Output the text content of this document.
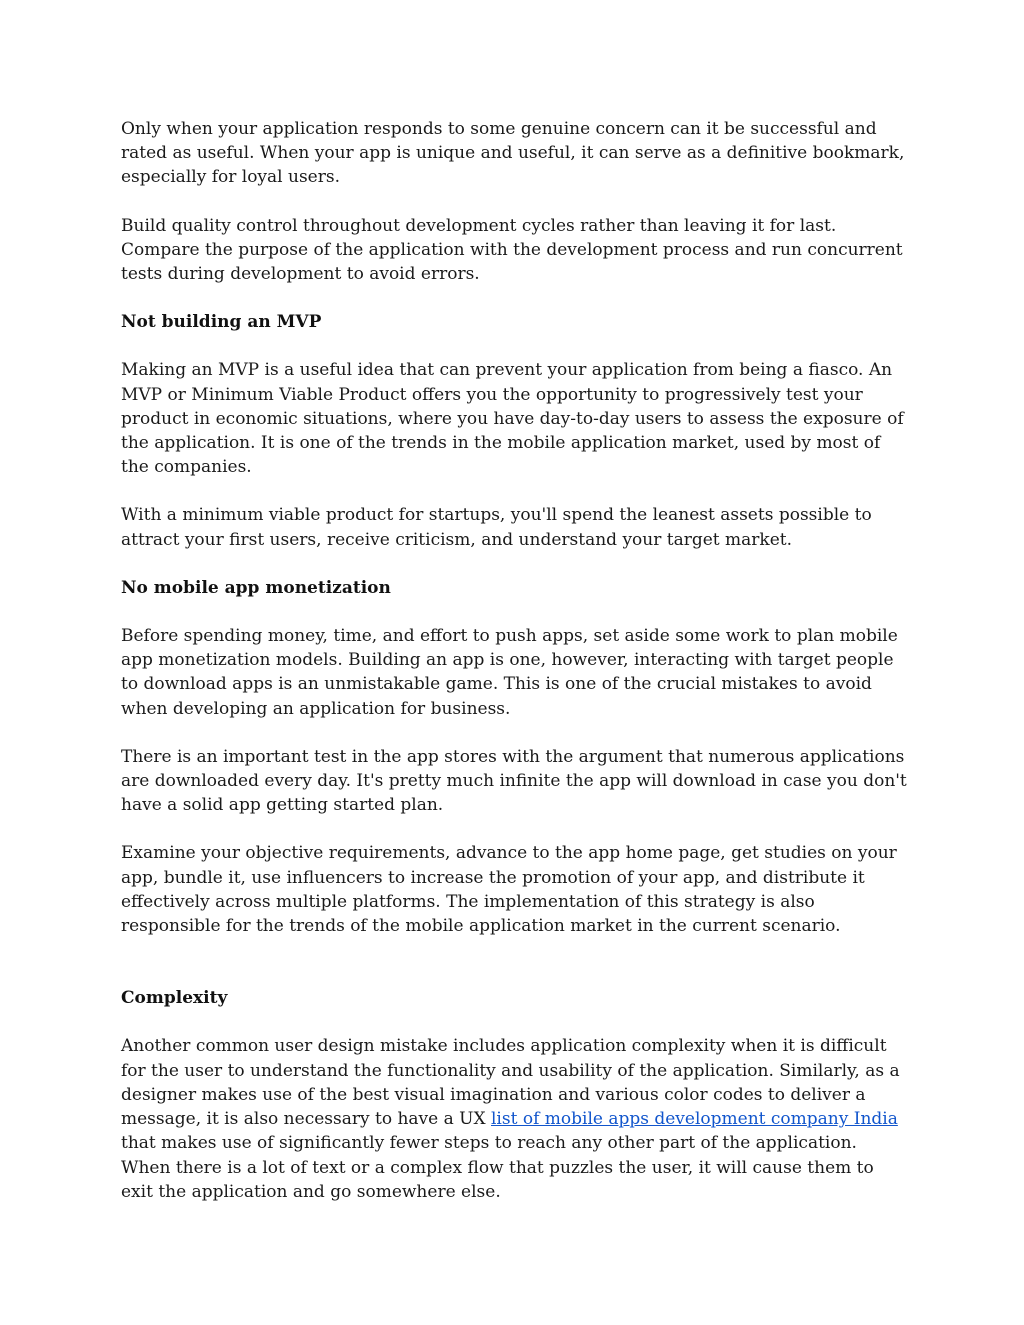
Only when your application responds to some genuine concern can it be successful and rated as useful. When your app is unique and useful, it can serve as a definitive bookmark, especially for loyal users.

Build quality control throughout development cycles rather than leaving it for last. Compare the purpose of the application with the development process and run concurrent tests during development to avoid errors.

Not building an MVP

Making an MVP is a useful idea that can prevent your application from being a fiasco. An MVP or Minimum Viable Product offers you the opportunity to progressively test your product in economic situations, where you have day-to-day users to assess the exposure of the application. It is one of the trends in the mobile application market, used by most of the companies.

With a minimum viable product for startups, you'll spend the leanest assets possible to attract your first users, receive criticism, and understand your target market.

No mobile app monetization

Before spending money, time, and effort to push apps, set aside some work to plan mobile app monetization models. Building an app is one, however, interacting with target people to download apps is an unmistakable game. This is one of the crucial mistakes to avoid when developing an application for business.

There is an important test in the app stores with the argument that numerous applications are downloaded every day. It's pretty much infinite the app will download in case you don't have a solid app getting started plan.

Examine your objective requirements, advance to the app home page, get studies on your app, bundle it, use influencers to increase the promotion of your app, and distribute it effectively across multiple platforms. The implementation of this strategy is also responsible for the trends of the mobile application market in the current scenario.

Complexity

Another common user design mistake includes application complexity when it is difficult for the user to understand the functionality and usability of the application. Similarly, as a designer makes use of the best visual imagination and various color codes to deliver a message, it is also necessary to have a UX list of mobile apps development company India that makes use of significantly fewer steps to reach any other part of the application. When there is a lot of text or a complex flow that puzzles the user, it will cause them to exit the application and go somewhere else.
